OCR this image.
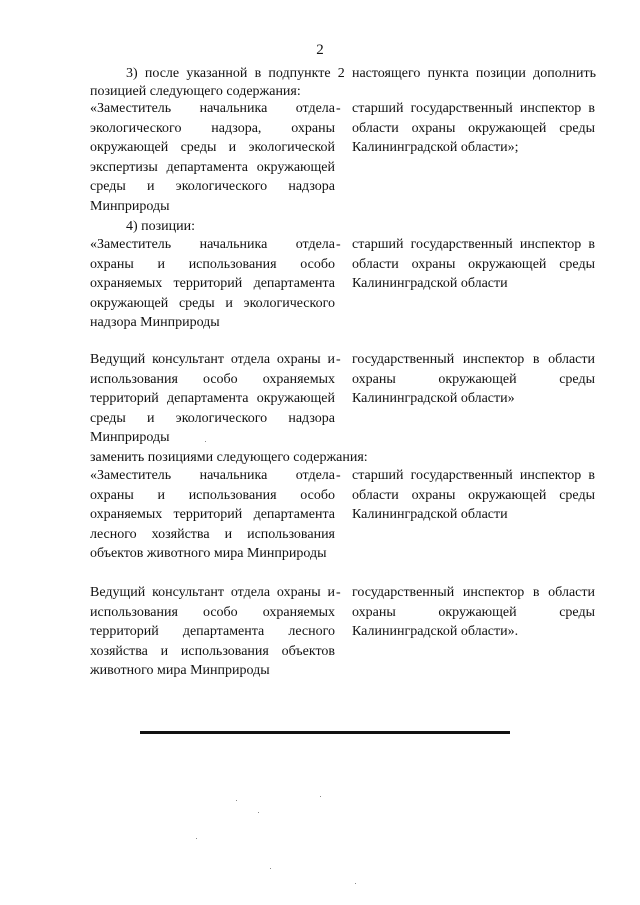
2
3) после указанной в подпункте 2 настоящего пункта позиции дополнить
позицией следующего содержания:
«Заместитель начальника отдела
экологического надзора, охраны
окружающей среды и экологической
экспертизы департамента окружающей
среды и экологического надзора
Минприроды
- старший государственный инспектор в
области охраны окружающей среды
Калининградской области»;
4) позиции:
«Заместитель начальника отдела
охраны и использования особо
охраняемых территорий департамента
окружающей среды и экологического
надзора Минприроды
- старший государственный инспектор в
области охраны окружающей среды
Калининградской области
Ведущий консультант отдела охраны и
использования особо охраняемых
территорий департамента окружающей
среды и экологического надзора
Минприроды
- государственный инспектор в области
охраны окружающей среды
Калининградской области»
заменить позициями следующего содержания:
«Заместитель начальника отдела
охраны и использования особо
охраняемых территорий департамента
лесного хозяйства и использования
объектов животного мира Минприроды
- старший государственный инспектор в
области охраны окружающей среды
Калининградской области
Ведущий консультант отдела охраны и
использования особо охраняемых
территорий департамента лесного
хозяйства и использования объектов
животного мира Минприроды
- государственный инспектор в области
охраны окружающей среды
Калининградской области».
